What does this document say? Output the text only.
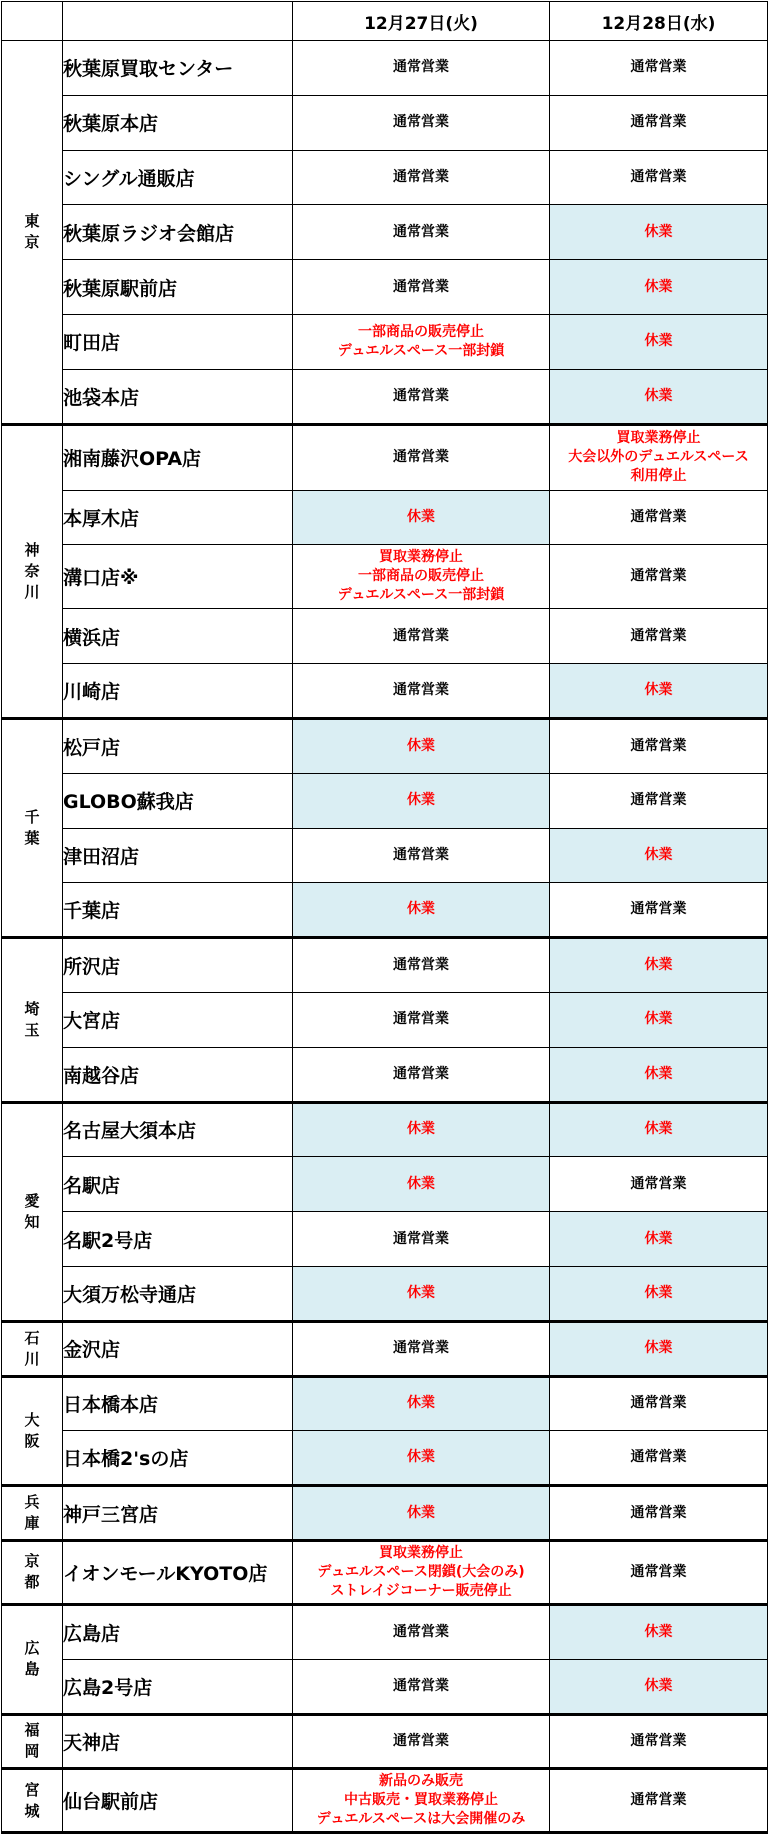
		12月27日(火)	12月28日(水)
東京	秋葉原買取センター	通常営業	通常営業

	秋葉原本店	通常営業	通常営業

	シングル通販店	通常営業	通常営業

	秋葉原ラジオ会館店	通常営業	休業

	秋葉原駅前店	通常営業	休業

	町田店	一部商品の販売停止
デュエルスペース一部封鎖	休業

	池袋本店	通常営業	休業

神奈川	湘南藤沢OPA店	通常営業	買取業務停止
大会以外のデュエルスペース
利用停止

	本厚木店	休業	通常営業

	溝口店※	買取業務停止
一部商品の販売停止
デュエルスペース一部封鎖	通常営業

	横浜店	通常営業	通常営業

	川崎店	通常営業	休業

千葉	松戸店	休業	通常営業

	GLOBO蘇我店	休業	通常営業

	津田沼店	通常営業	休業

	千葉店	休業	通常営業

埼玉	所沢店	通常営業	休業

	大宮店	通常営業	休業

	南越谷店	通常営業	休業

愛知	名古屋大須本店	休業	休業

	名駅店	休業	通常営業

	名駅2号店	通常営業	休業

	大須万松寺通店	休業	休業

石川	金沢店	通常営業	休業

大阪	日本橋本店	休業	通常営業

	日本橋2'sの店	休業	通常営業

兵庫	神戸三宮店	休業	通常営業

京都	イオンモールKYOTO店	買取業務停止
デュエルスペース閉鎖(大会のみ)
ストレイジコーナー販売停止	通常営業

広島	広島店	通常営業	休業

	広島2号店	通常営業	休業

福岡	天神店	通常営業	通常営業

宮城	仙台駅前店	新品のみ販売
中古販売・買取業務停止
デュエルスペースは大会開催のみ	通常営業
